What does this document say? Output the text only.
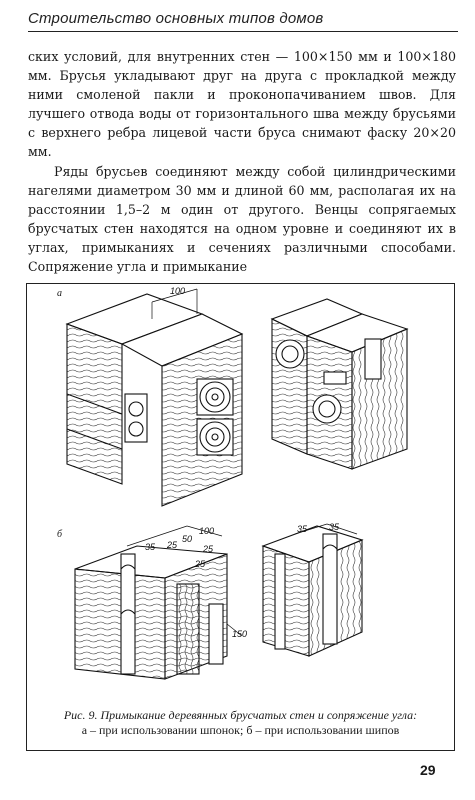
Строительство основных типов домов

ских условий, для внутренних стен — 100×150 мм и 100×180 мм. Брусья укладывают друг на друга с прокладкой между ними смоленой пакли и проконопачиванием швов. Для лучшего отвода воды от горизонтального шва между брусьями с верхнего ребра лицевой части бруса снимают фаску 20×20 мм.

Ряды брусьев соединяют между собой цилиндрическими нагелями диаметром 30 мм и длиной 60 мм, располагая их на расстоянии 1,5–2 м один от другого. Венцы сопрягаемых брусчатых стен находятся на одном уровне и соединяют их в углах, примыканиях и сечениях различными способами. Сопряжение угла и примыкание

100
35 25
50
100
25
25
150
35 35
а
б
Рис. 9. Примыкание деревянных брусчатых стен и сопряжение угла:
а – при использовании шпонок; б – при использовании шипов
29
